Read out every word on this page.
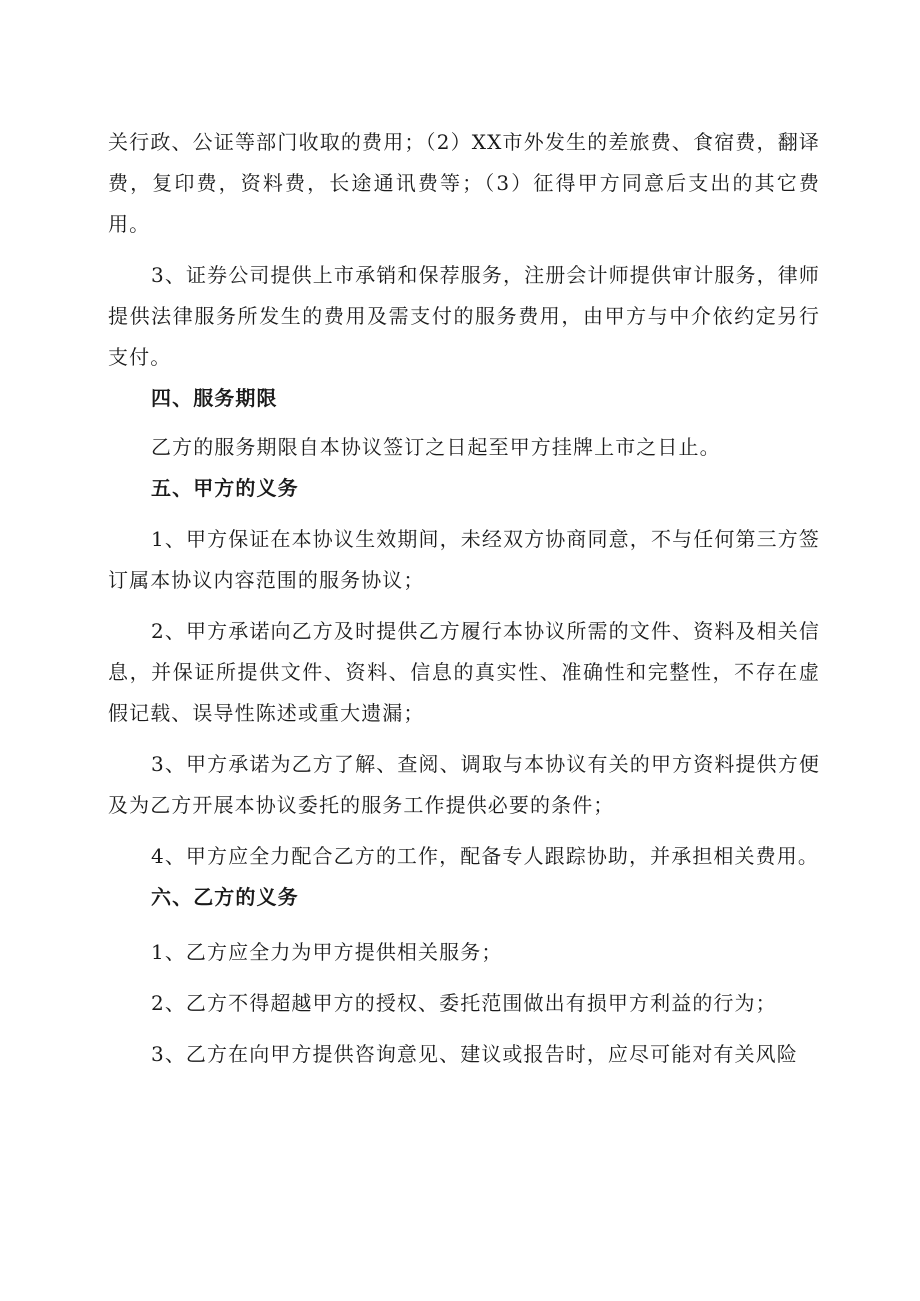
关行政、公证等部门收取的费用；（2）XX市外发生的差旅费、食宿费，翻译费，复印费，资料费，长途通讯费等；（3）征得甲方同意后支出的其它费用。

3、证券公司提供上市承销和保荐服务，注册会计师提供审计服务，律师提供法律服务所发生的费用及需支付的服务费用，由甲方与中介依约定另行支付。

四、服务期限

乙方的服务期限自本协议签订之日起至甲方挂牌上市之日止。

五、甲方的义务

1、甲方保证在本协议生效期间，未经双方协商同意，不与任何第三方签订属本协议内容范围的服务协议；

2、甲方承诺向乙方及时提供乙方履行本协议所需的文件、资料及相关信息，并保证所提供文件、资料、信息的真实性、准确性和完整性，不存在虚假记载、误导性陈述或重大遗漏；

3、甲方承诺为乙方了解、查阅、调取与本协议有关的甲方资料提供方便及为乙方开展本协议委托的服务工作提供必要的条件；

4、甲方应全力配合乙方的工作，配备专人跟踪协助，并承担相关费用。

六、乙方的义务

1、乙方应全力为甲方提供相关服务；

2、乙方不得超越甲方的授权、委托范围做出有损甲方利益的行为；

3、乙方在向甲方提供咨询意见、建议或报告时，应尽可能对有关风险
